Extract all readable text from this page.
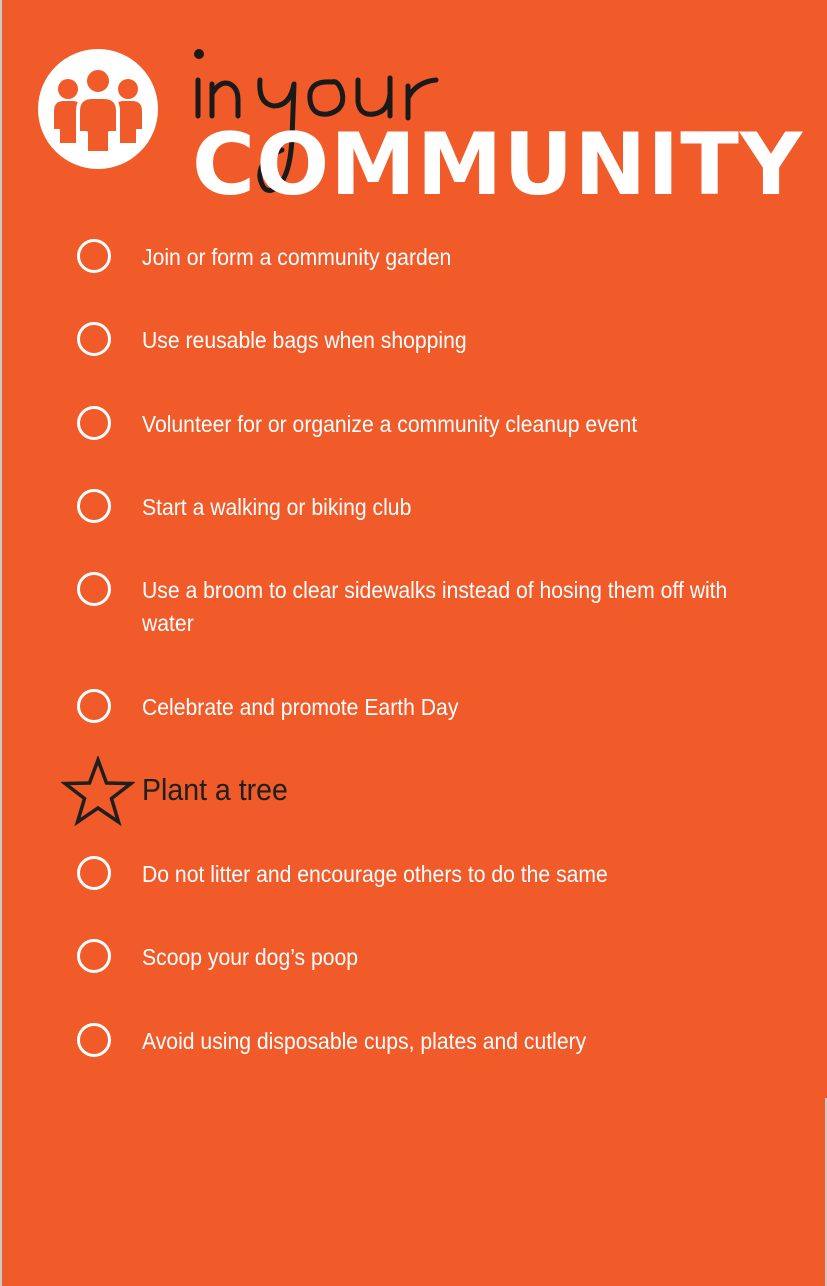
COMMUNITY
Join or form a community garden
Use reusable bags when shopping
Volunteer for or organize a community cleanup event
Start a walking or biking club
Use a broom to clear sidewalks instead of hosing them off with water
Celebrate and promote Earth Day
Plant a tree
Do not litter and encourage others to do the same
Scoop your dog’s poop
Avoid using disposable cups, plates and cutlery
